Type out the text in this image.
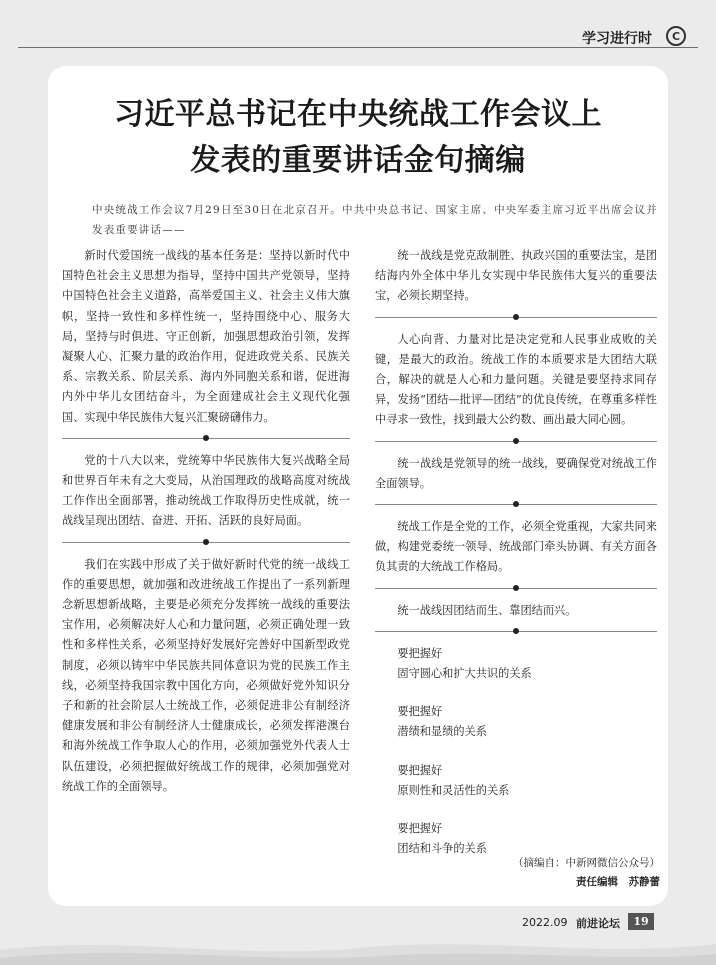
学习进行时	C
习近平总书记在中央统战工作会议上
发表的重要讲话金句摘编
中央统战工作会议7月29日至30日在北京召开。中共中央总书记、国家主席、中央军委主席习近平出席会议并发表重要讲话——

新时代爱国统一战线的基本任务是：坚持以新时代中国特色社会主义思想为指导，坚持中国共产党领导，坚持中国特色社会主义道路，高举爱国主义、社会主义伟大旗帜，坚持一致性和多样性统一，坚持围绕中心、服务大局，坚持与时俱进、守正创新，加强思想政治引领，发挥凝聚人心、汇聚力量的政治作用，促进政党关系、民族关系、宗教关系、阶层关系、海内外同胞关系和谐，促进海内外中华儿女团结奋斗，为全面建成社会主义现代化强国、实现中华民族伟大复兴汇聚磅礴伟力。

党的十八大以来，党统筹中华民族伟大复兴战略全局和世界百年未有之大变局，从治国理政的战略高度对统战工作作出全面部署，推动统战工作取得历史性成就，统一战线呈现出团结、奋进、开拓、活跃的良好局面。

我们在实践中形成了关于做好新时代党的统一战线工作的重要思想，就加强和改进统战工作提出了一系列新理念新思想新战略，主要是必须充分发挥统一战线的重要法宝作用，必须解决好人心和力量问题，必须正确处理一致性和多样性关系，必须坚持好发展好完善好中国新型政党制度，必须以铸牢中华民族共同体意识为党的民族工作主线，必须坚持我国宗教中国化方向，必须做好党外知识分子和新的社会阶层人士统战工作，必须促进非公有制经济健康发展和非公有制经济人士健康成长，必须发挥港澳台和海外统战工作争取人心的作用，必须加强党外代表人士队伍建设，必须把握做好统战工作的规律，必须加强党对统战工作的全面领导。

统一战线是党克敌制胜、执政兴国的重要法宝，是团结海内外全体中华儿女实现中华民族伟大复兴的重要法宝，必须长期坚持。

人心向背、力量对比是决定党和人民事业成败的关键，是最大的政治。统战工作的本质要求是大团结大联合，解决的就是人心和力量问题。关键是要坚持求同存异，发扬“团结—批评—团结”的优良传统，在尊重多样性中寻求一致性，找到最大公约数、画出最大同心圆。

统一战线是党领导的统一战线，要确保党对统战工作全面领导。

统战工作是全党的工作，必须全党重视，大家共同来做，构建党委统一领导、统战部门牵头协调、有关方面各负其责的大统战工作格局。

统一战线因团结而生、靠团结而兴。

要把握好
固守圆心和扩大共识的关系
要把握好
潜绩和显绩的关系
要把握好
原则性和灵活性的关系
要把握好
团结和斗争的关系
（摘编自：中新网微信公众号）
责任编辑　苏静蕾
2022.09 前进论坛	19
